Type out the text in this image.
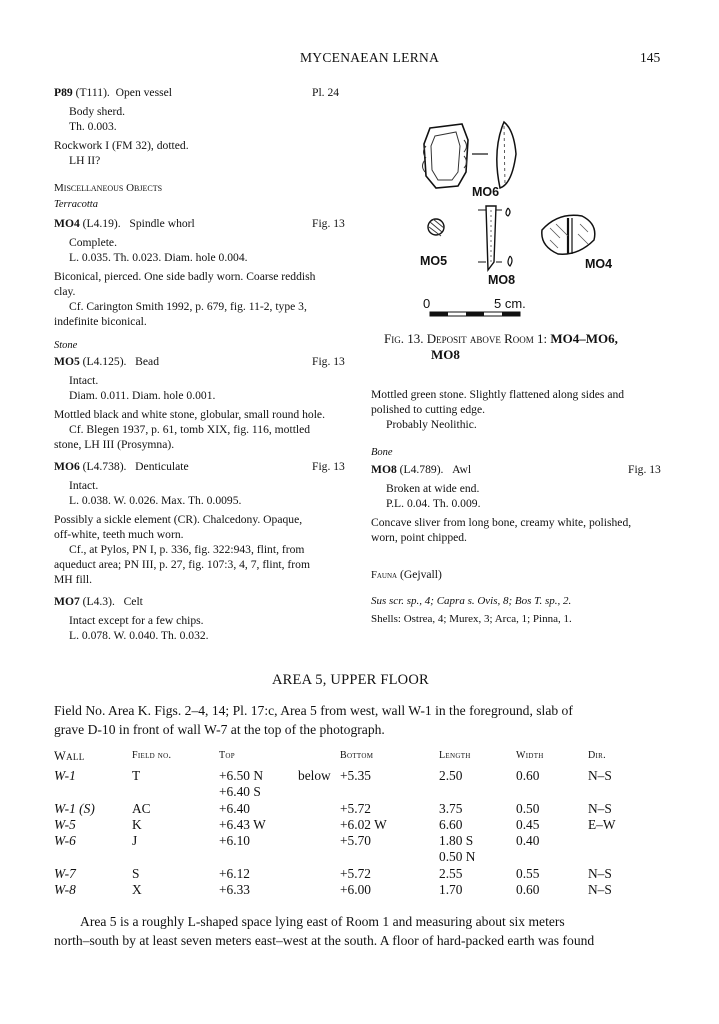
MYCENAEAN LERNA	145
P89 (T111). Open vessel	Pl. 24
Body sherd.
Th. 0.003.
Rockwork I (FM 32), dotted.
LH II?
Miscellaneous Objects
Terracotta
MO4 (L4.19). Spindle whorl	Fig. 13
Complete.
L. 0.035. Th. 0.023. Diam. hole 0.004.
Biconical, pierced. One side badly worn. Coarse reddish
clay.
Cf. Carington Smith 1992, p. 679, fig. 11-2, type 3,
indefinite biconical.
Stone
MO5 (L4.125). Bead	Fig. 13
Intact.
Diam. 0.011. Diam. hole 0.001.
Mottled black and white stone, globular, small round hole.
Cf. Blegen 1937, p. 61, tomb XIX, fig. 116, mottled
stone, LH III (Prosymna).
MO6 (L4.738). Denticulate	Fig. 13
Intact.
L. 0.038. W. 0.026. Max. Th. 0.0095.
Possibly a sickle element (CR). Chalcedony. Opaque,
off-white, teeth much worn.
Cf., at Pylos, PN I, p. 336, fig. 322:943, flint, from
aqueduct area; PN III, p. 27, fig. 107:3, 4, 7, flint, from
MH fill.
MO7 (L4.3). Celt
Intact except for a few chips.
L. 0.078. W. 0.040. Th. 0.032.
MO6
MO5
MO8
MO4
0	5 cm.
Fig. 13. Deposit above Room 1: MO4–MO6,
MO8
Mottled green stone. Slightly flattened along sides and
polished to cutting edge.
Probably Neolithic.
Bone
MO8 (L4.789). Awl	Fig. 13
Broken at wide end.
P.L. 0.04. Th. 0.009.
Concave sliver from long bone, creamy white, polished,
worn, point chipped.
Fauna (Gejvall)
Sus scr. sp., 4; Capra s. Ovis, 8; Bos T. sp., 2.
Shells: Ostrea, 4; Murex, 3; Arca, 1; Pinna, 1.
AREA 5, UPPER FLOOR
Field No. Area K. Figs. 2–4, 14; Pl. 17:c, Area 5 from west, wall W-1 in the foreground, slab of
grave D-10 in front of wall W-7 at the top of the photograph.
Wall	Field no.	Top	Bottom	Length	Width	Dir.
W-1	T	+6.50 N	below +5.35	2.50	0.60	N–S
+6.40 S
W-1 (S)	AC	+6.40	+5.72	3.75	0.50	N–S
W-5	K	+6.43 W	+6.02 W	6.60	0.45	E–W
W-6	J	+6.10	+5.70	1.80 S	0.40
0.50 N
W-7	S	+6.12	+5.72	2.55	0.55	N–S
W-8	X	+6.33	+6.00	1.70	0.60	N–S
Area 5 is a roughly L-shaped space lying east of Room 1 and measuring about six meters
north–south by at least seven meters east–west at the south. A floor of hard-packed earth was found
